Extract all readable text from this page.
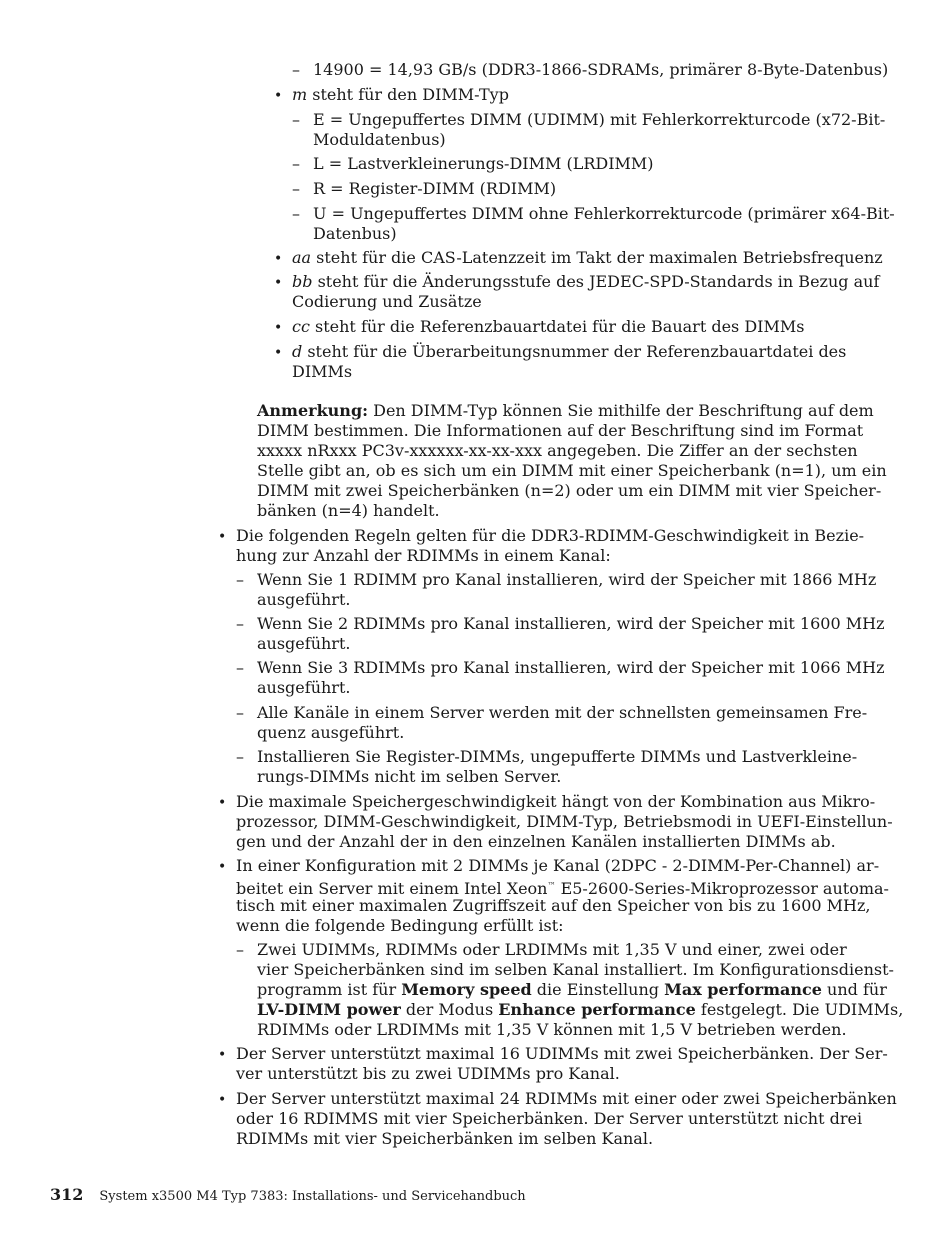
– 14900 = 14,93 GB/s (DDR3-1866-SDRAMs, primärer 8-Byte-Datenbus)
• m steht für den DIMM-Typ
– E = Ungepuffertes DIMM (UDIMM) mit Fehlerkorrekturcode (x72-Bit-
Moduldatenbus)
– L = Lastverkleinerungs-DIMM (LRDIMM)
– R = Register-DIMM (RDIMM)
– U = Ungepuffertes DIMM ohne Fehlerkorrekturcode (primärer x64-Bit-
Datenbus)
• aa steht für die CAS-Latenzzeit im Takt der maximalen Betriebsfrequenz
• bb steht für die Änderungsstufe des JEDEC-SPD-Standards in Bezug auf
Codierung und Zusätze
• cc steht für die Referenzbauartdatei für die Bauart des DIMMs
• d steht für die Überarbeitungsnummer der Referenzbauartdatei des
DIMMs
Anmerkung: Den DIMM-Typ können Sie mithilfe der Beschriftung auf dem
DIMM bestimmen. Die Informationen auf der Beschriftung sind im Format
xxxxx nRxxx PC3v-xxxxxx-xx-xx-xxx angegeben. Die Ziffer an der sechsten
Stelle gibt an, ob es sich um ein DIMM mit einer Speicherbank (n=1), um ein
DIMM mit zwei Speicherbänken (n=2) oder um ein DIMM mit vier Speicher-
bänken (n=4) handelt.
• Die folgenden Regeln gelten für die DDR3-RDIMM-Geschwindigkeit in Bezie-
hung zur Anzahl der RDIMMs in einem Kanal:
– Wenn Sie 1 RDIMM pro Kanal installieren, wird der Speicher mit 1866 MHz
ausgeführt.
– Wenn Sie 2 RDIMMs pro Kanal installieren, wird der Speicher mit 1600 MHz
ausgeführt.
– Wenn Sie 3 RDIMMs pro Kanal installieren, wird der Speicher mit 1066 MHz
ausgeführt.
– Alle Kanäle in einem Server werden mit der schnellsten gemeinsamen Fre-
quenz ausgeführt.
– Installieren Sie Register-DIMMs, ungepufferte DIMMs und Lastverkleine-
rungs-DIMMs nicht im selben Server.
• Die maximale Speichergeschwindigkeit hängt von der Kombination aus Mikro-
prozessor, DIMM-Geschwindigkeit, DIMM-Typ, Betriebsmodi in UEFI-Einstellun-
gen und der Anzahl der in den einzelnen Kanälen installierten DIMMs ab.
• In einer Konfiguration mit 2 DIMMs je Kanal (2DPC - 2-DIMM-Per-Channel) ar-
beitet ein Server mit einem Intel Xeon™ E5-2600-Series-Mikroprozessor automa-
tisch mit einer maximalen Zugriffszeit auf den Speicher von bis zu 1600 MHz,
wenn die folgende Bedingung erfüllt ist:
– Zwei UDIMMs, RDIMMs oder LRDIMMs mit 1,35 V und einer, zwei oder
vier Speicherbänken sind im selben Kanal installiert. Im Konfigurationsdienst-
programm ist für Memory speed die Einstellung Max performance und für
LV-DIMM power der Modus Enhance performance festgelegt. Die UDIMMs,
RDIMMs oder LRDIMMs mit 1,35 V können mit 1,5 V betrieben werden.
• Der Server unterstützt maximal 16 UDIMMs mit zwei Speicherbänken. Der Ser-
ver unterstützt bis zu zwei UDIMMs pro Kanal.
• Der Server unterstützt maximal 24 RDIMMs mit einer oder zwei Speicherbänken
oder 16 RDIMMS mit vier Speicherbänken. Der Server unterstützt nicht drei
RDIMMs mit vier Speicherbänken im selben Kanal.
312 System x3500 M4 Typ 7383: Installations- und Servicehandbuch
